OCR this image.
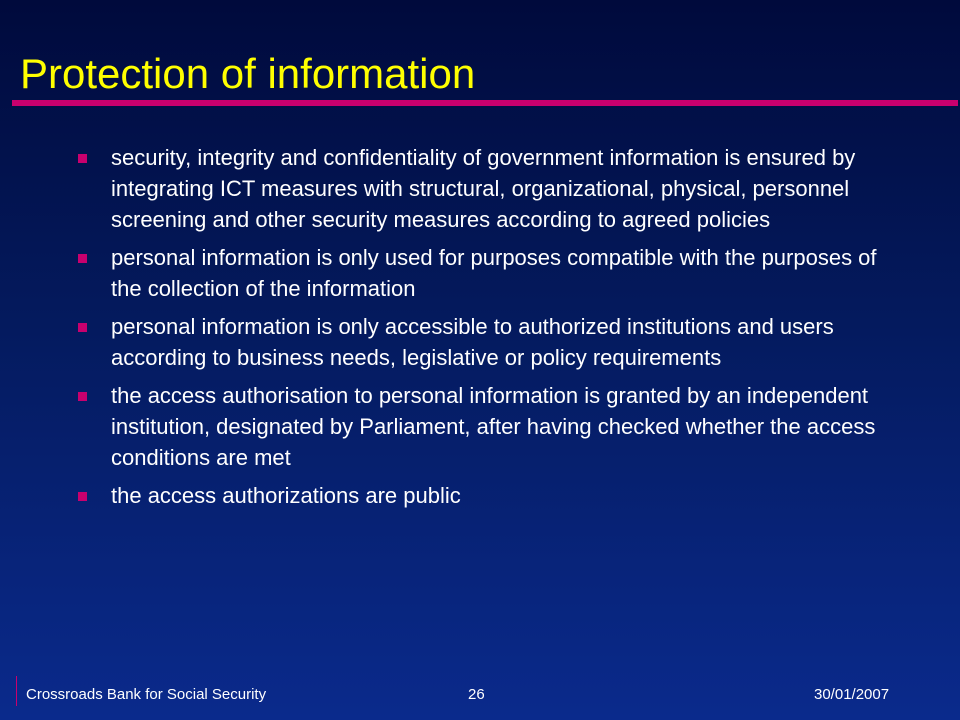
Protection of information
security, integrity and confidentiality of government information is ensured by integrating ICT measures with structural, organizational, physical, personnel screening and other security measures according to agreed policies
personal information is only used for purposes compatible with the purposes of the collection of the information
personal information is only accessible to authorized institutions and users according to business needs, legislative or policy requirements
the access authorisation to personal information is granted by an independent institution, designated by Parliament, after having checked whether the access conditions are met
the access authorizations are public
Crossroads Bank for Social Security	26	30/01/2007
